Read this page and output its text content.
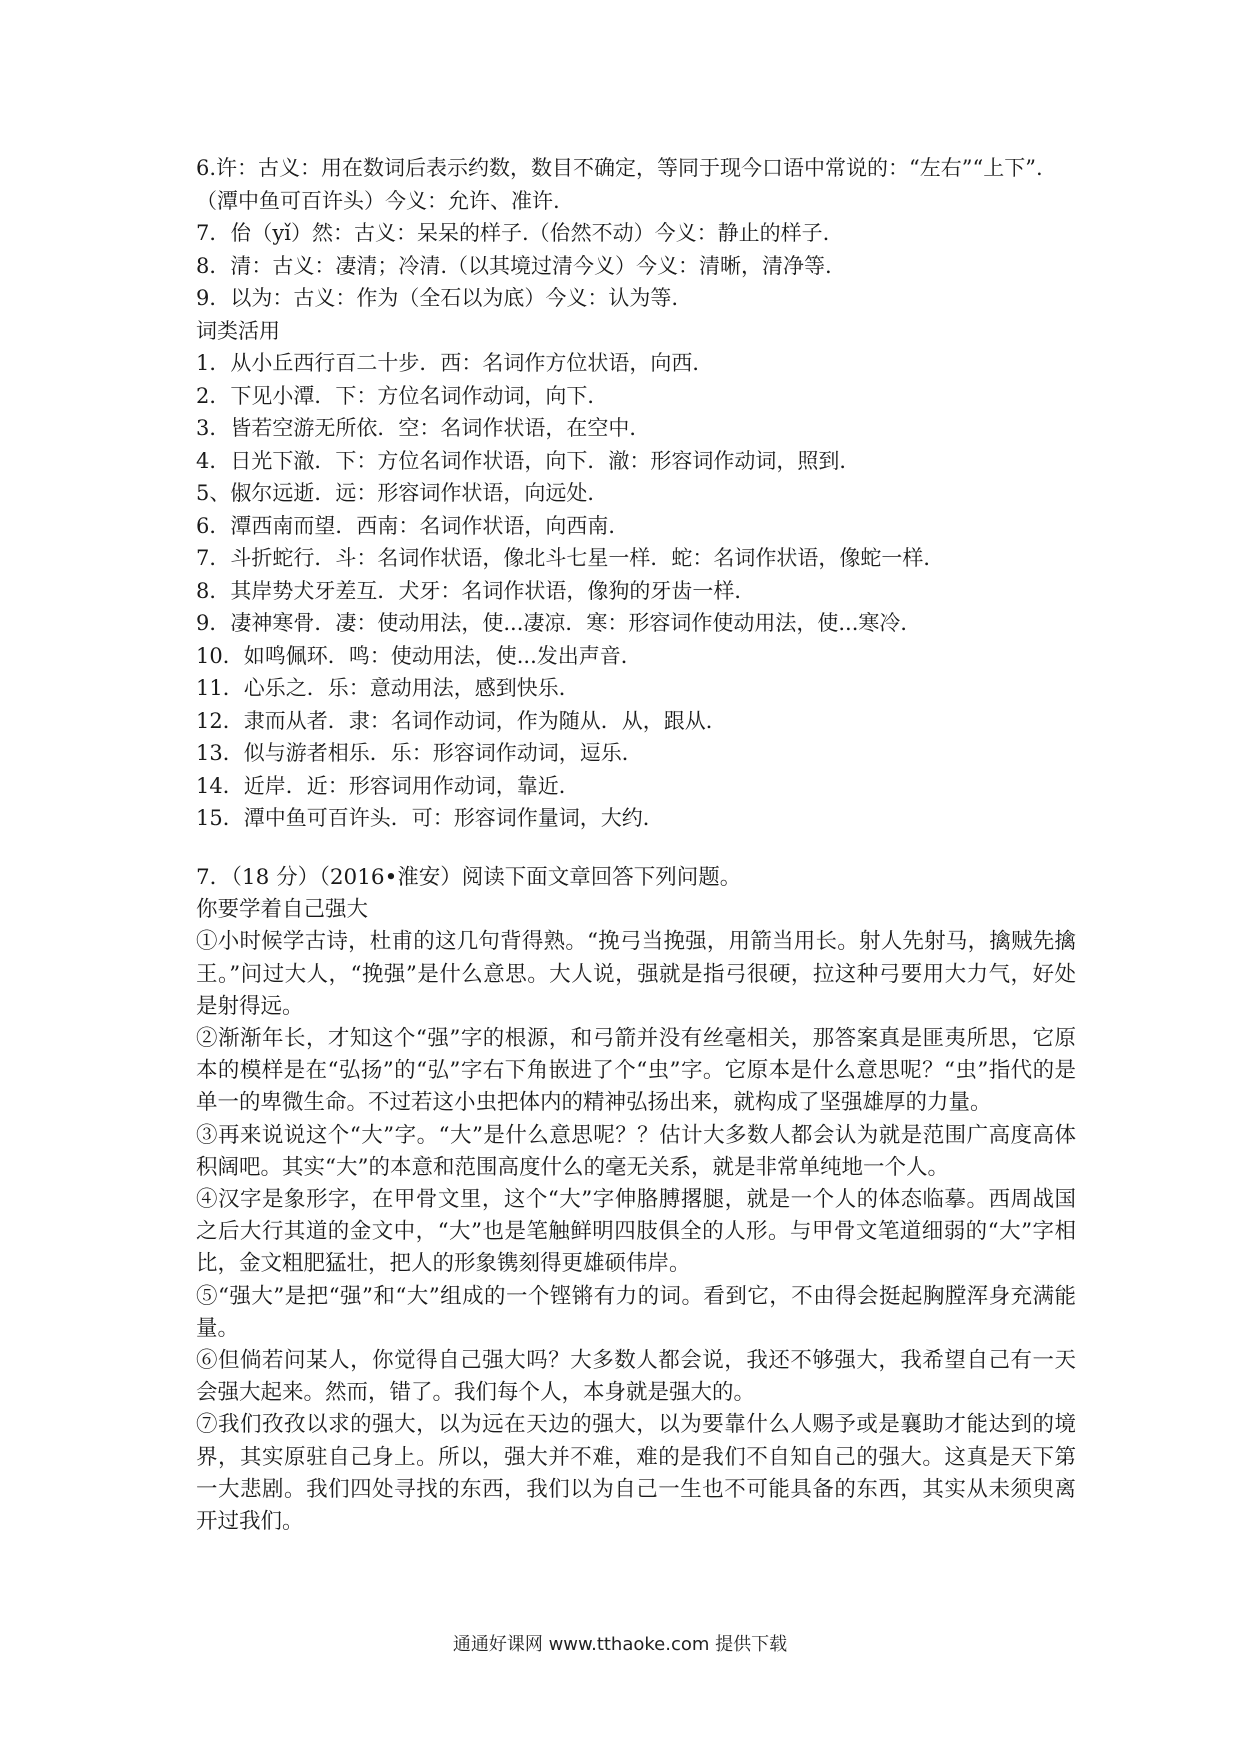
6.许：古义：用在数词后表示约数，数目不确定，等同于现今口语中常说的：“左右”“上下”.（潭中鱼可百许头）今义：允许、准许.

7．佁（yǐ）然：古义：呆呆的样子.（佁然不动）今义：静止的样子.

8．清：古义：凄清；冷清.（以其境过清今义）今义：清晰，清净等.

9．以为：古义：作为（全石以为底）今义：认为等.

词类活用

1．从小丘西行百二十步．西：名词作方位状语，向西．

2．下见小潭．下：方位名词作动词，向下．

3．皆若空游无所依．空：名词作状语，在空中．

4．日光下澈．下：方位名词作状语，向下．澈：形容词作动词，照到．

5、俶尔远逝．远：形容词作状语，向远处．

6．潭西南而望．西南：名词作状语，向西南．

7．斗折蛇行．斗：名词作状语，像北斗七星一样．蛇：名词作状语，像蛇一样．

8．其岸势犬牙差互．犬牙：名词作状语，像狗的牙齿一样．

9．凄神寒骨．凄：使动用法，使...凄凉．寒：形容词作使动用法，使...寒冷．

10．如鸣佩环．鸣：使动用法，使...发出声音．

11．心乐之．乐：意动用法，感到快乐．

12．隶而从者．隶：名词作动词，作为随从．从，跟从．

13．似与游者相乐．乐：形容词作动词，逗乐．

14．近岸．近：形容词用作动词，靠近．

15．潭中鱼可百许头．可：形容词作量词，大约．

7．（18 分）（2016•淮安）阅读下面文章回答下列问题。

你要学着自己强大

①小时候学古诗，杜甫的这几句背得熟。“挽弓当挽强，用箭当用长。射人先射马，擒贼先擒王。”问过大人，“挽强”是什么意思。大人说，强就是指弓很硬，拉这种弓要用大力气，好处是射得远。

②渐渐年长，才知这个“强”字的根源，和弓箭并没有丝毫相关，那答案真是匪夷所思，它原本的模样是在“弘扬”的“弘”字右下角嵌进了个“虫”字。它原本是什么意思呢？“虫”指代的是单一的卑微生命。不过若这小虫把体内的精神弘扬出来，就构成了坚强雄厚的力量。

③再来说说这个“大”字。“大”是什么意思呢？？估计大多数人都会认为就是范围广高度高体积阔吧。其实“大”的本意和范围高度什么的毫无关系，就是非常单纯地一个人。

④汉字是象形字，在甲骨文里，这个“大”字伸胳膊撂腿，就是一个人的体态临摹。西周战国之后大行其道的金文中，“大”也是笔触鲜明四肢俱全的人形。与甲骨文笔道细弱的“大”字相比，金文粗肥猛壮，把人的形象镌刻得更雄硕伟岸。

⑤“强大”是把“强”和“大”组成的一个铿锵有力的词。看到它，不由得会挺起胸膛浑身充满能量。

⑥但倘若问某人，你觉得自己强大吗？大多数人都会说，我还不够强大，我希望自己有一天会强大起来。然而，错了。我们每个人，本身就是强大的。

⑦我们孜孜以求的强大，以为远在天边的强大，以为要靠什么人赐予或是襄助才能达到的境界，其实原驻自己身上。所以，强大并不难，难的是我们不自知自己的强大。这真是天下第一大悲剧。我们四处寻找的东西，我们以为自己一生也不可能具备的东西，其实从未须臾离开过我们。

通通好课网 www.tthaoke.com 提供下载
